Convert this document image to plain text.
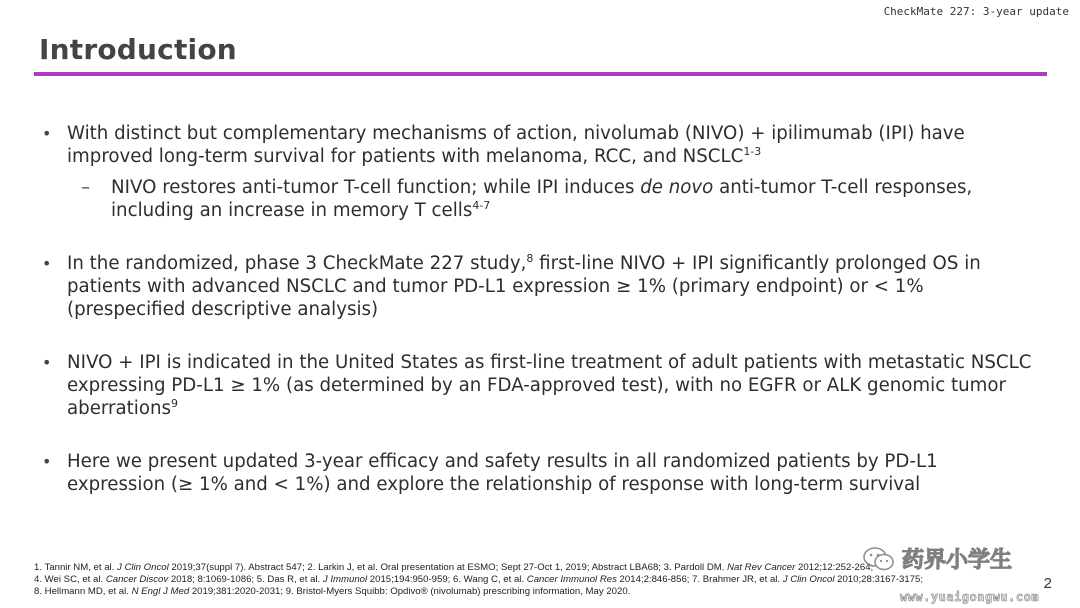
CheckMate 227: 3-year update
Introduction
• With distinct but complementary mechanisms of action, nivolumab (NIVO) + ipilimumab (IPI) have improved long-term survival for patients with melanoma, RCC, and NSCLC$^{1-3}$
– NIVO restores anti-tumor T-cell function; while IPI induces de novo anti-tumor T-cell responses, including an increase in memory T cells$^{4-7}$
• In the randomized, phase 3 CheckMate 227 study,$^8$ first-line NIVO + IPI significantly prolonged OS in patients with advanced NSCLC and tumor PD-L1 expression ≥ 1% (primary endpoint) or < 1% (prespecified descriptive analysis)
• NIVO + IPI is indicated in the United States as first-line treatment of adult patients with metastatic NSCLC expressing PD-L1 ≥ 1% (as determined by an FDA-approved test), with no EGFR or ALK genomic tumor aberrations$^9$
• Here we present updated 3-year efficacy and safety results in all randomized patients by PD-L1 expression (≥ 1% and < 1%) and explore the relationship of response with long-term survival
1. Tannir NM, et al. J Clin Oncol 2019;37(suppl 7). Abstract 547; 2. Larkin J, et al. Oral presentation at ESMO; Sept 27-Oct 1, 2019; Abstract LBA68; 3. Pardoll DM. Nat Rev Cancer 2012;12:252-264;
4. Wei SC, et al. Cancer Discov 2018; 8:1069-1086; 5. Das R, et al. J Immunol 2015;194:950-959; 6. Wang C, et al. Cancer Immunol Res 2014;2:846-856; 7. Brahmer JR, et al. J Clin Oncol 2010;28:3167-3175;
8. Hellmann MD, et al. N Engl J Med 2019;381:2020-2031; 9. Bristol-Myers Squibb: Opdivo® (nivolumab) prescribing information, May 2020.	2
药界小学生
www.yuaigongwu.com
